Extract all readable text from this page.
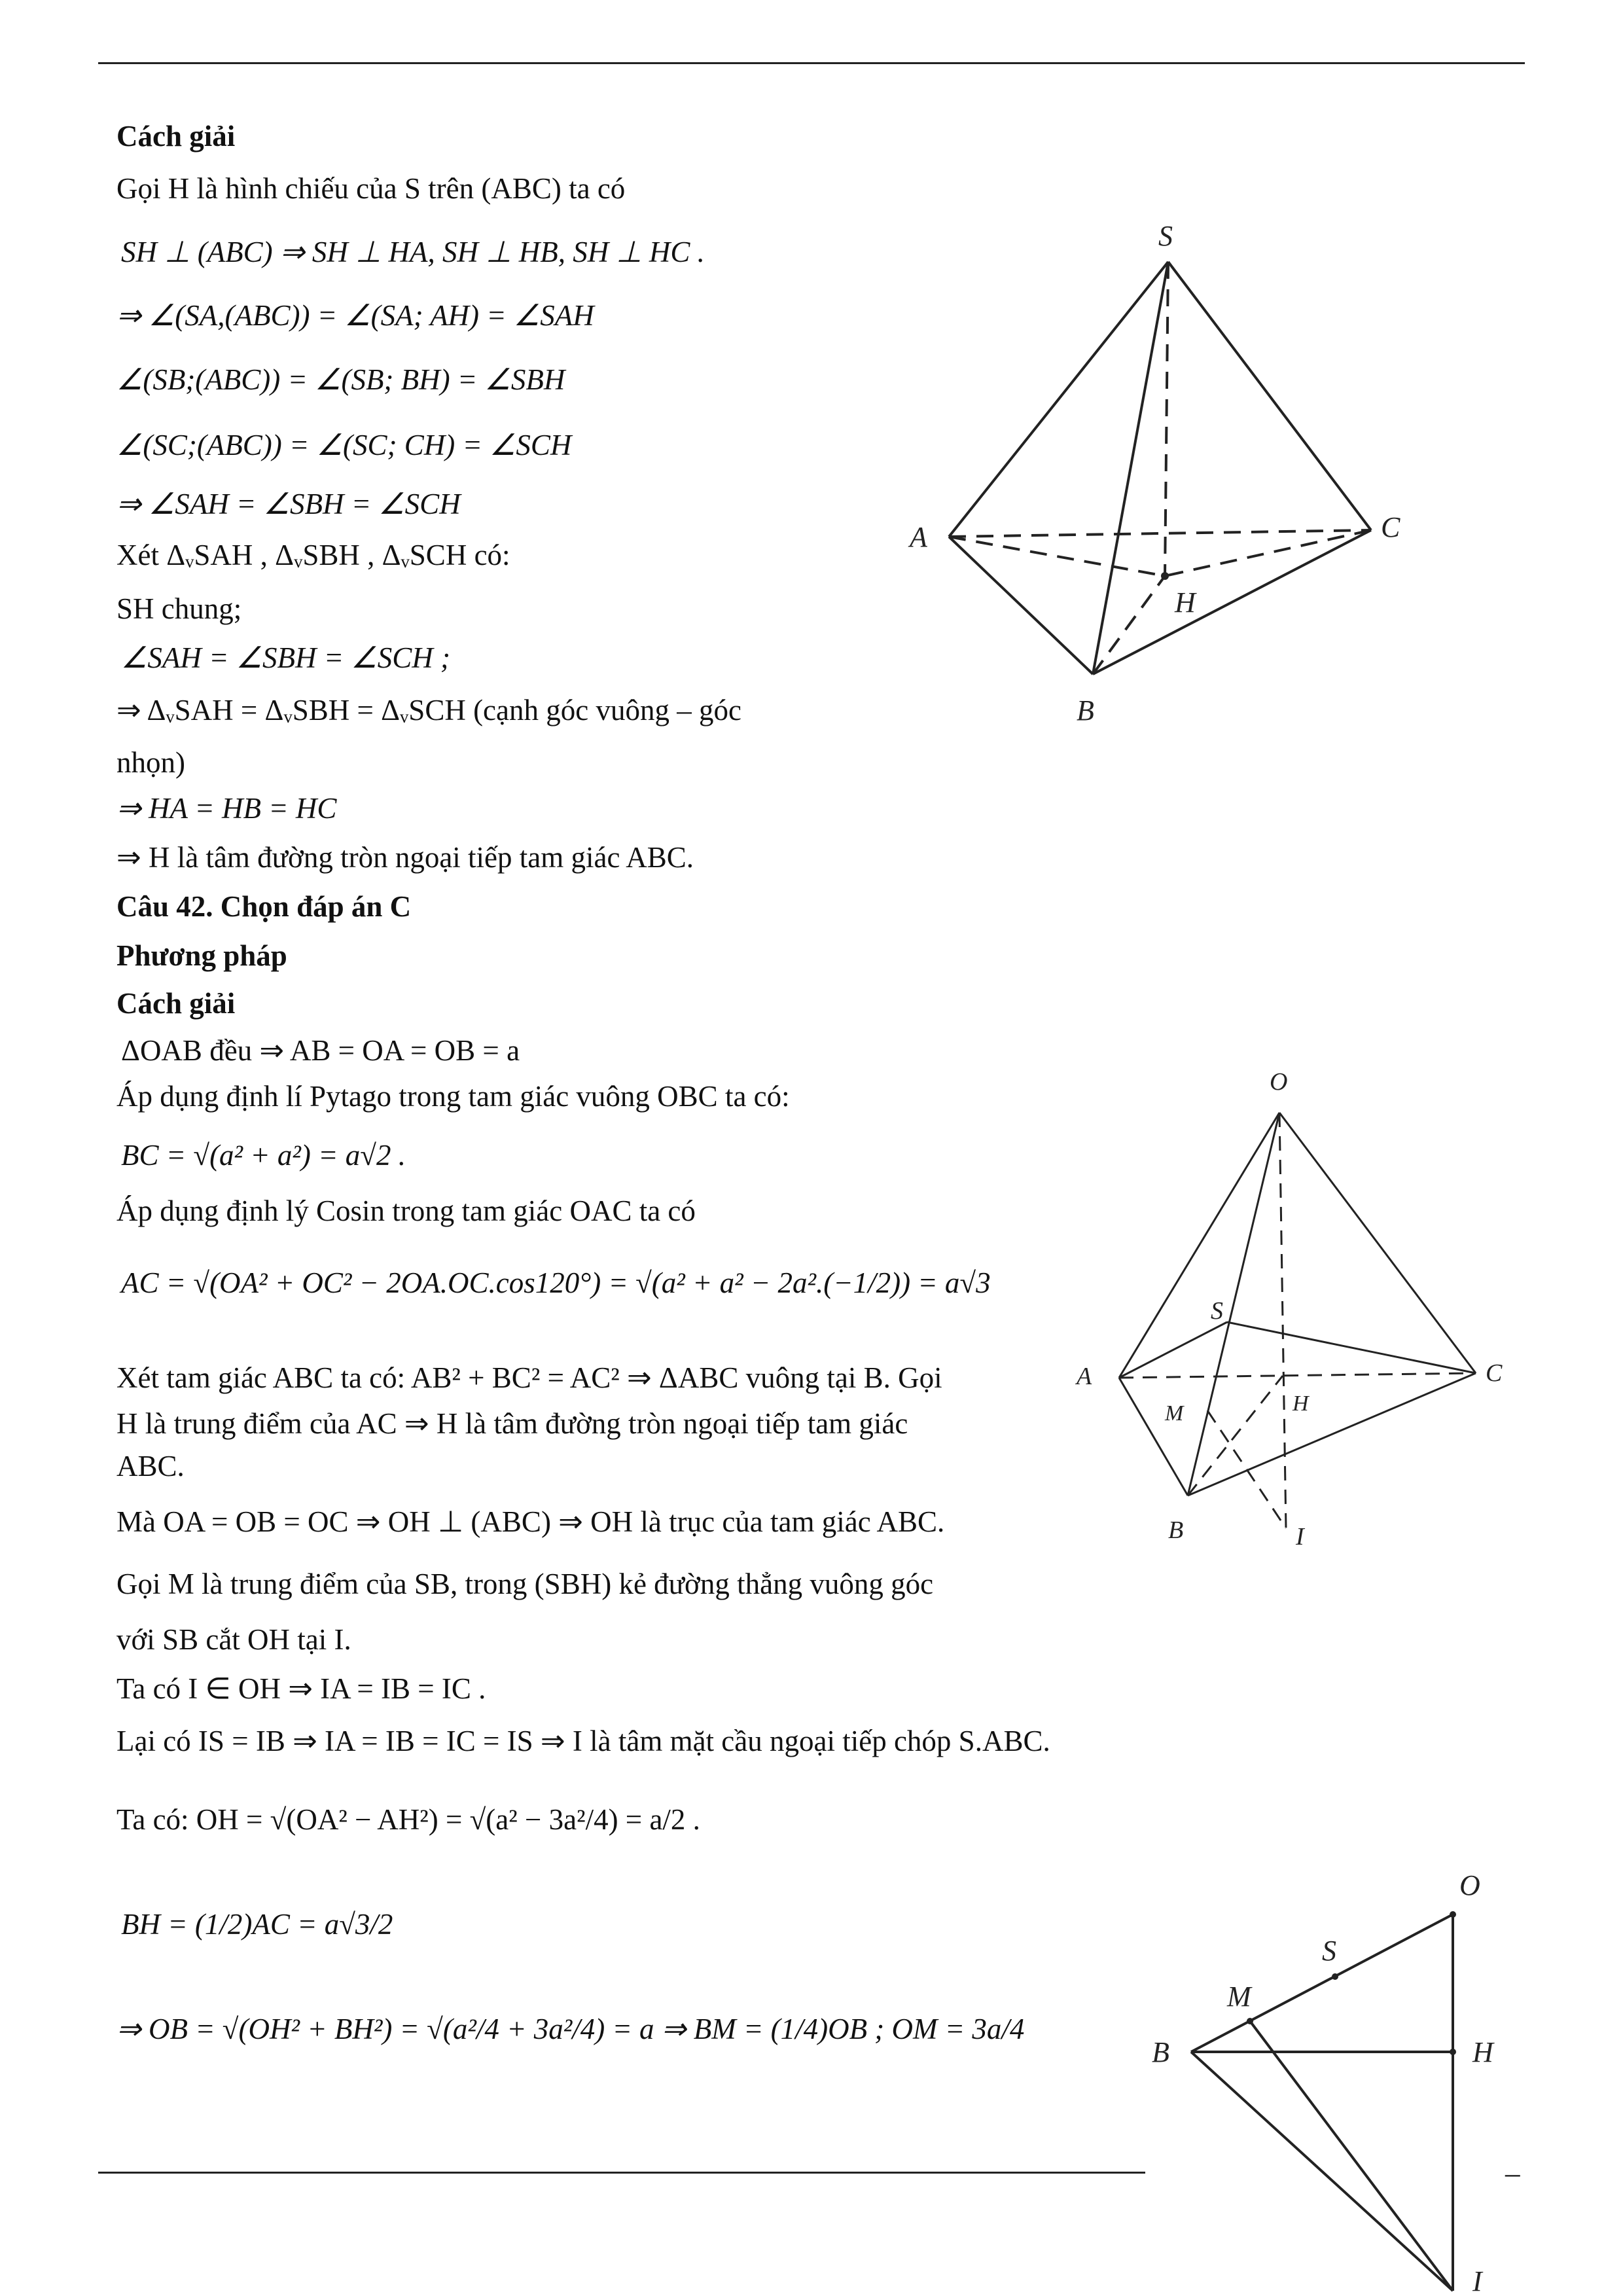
Cách giải
Gọi H là hình chiếu của S trên (ABC) ta có
SH ⊥ (ABC) ⇒ SH ⊥ HA, SH ⊥ HB, SH ⊥ HC .
⇒ ∠(SA,(ABC)) = ∠(SA; AH) = ∠SAH
∠(SB;(ABC)) = ∠(SB; BH) = ∠SBH
∠(SC;(ABC)) = ∠(SC; CH) = ∠SCH
⇒ ∠SAH = ∠SBH = ∠SCH
Xét ΔᵥSAH , ΔᵥSBH , ΔᵥSCH có:
SH chung;
∠SAH = ∠SBH = ∠SCH ;
⇒ ΔᵥSAH = ΔᵥSBH = ΔᵥSCH (cạnh góc vuông – góc
nhọn)
⇒ HA = HB = HC
⇒ H là tâm đường tròn ngoại tiếp tam giác ABC.
Câu 42. Chọn đáp án C
Phương pháp
Cách giải
ΔOAB đều ⇒ AB = OA = OB = a
Áp dụng định lí Pytago trong tam giác vuông OBC ta có:
BC = √(a² + a²) = a√2 .
Áp dụng định lý Cosin trong tam giác OAC ta có
AC = √(OA² + OC² − 2OA.OC.cos120°) = √(a² + a² − 2a².(−1/2)) = a√3
Xét tam giác ABC ta có: AB² + BC² = AC² ⇒ ΔABC vuông tại B. Gọi
H là trung điểm của AC ⇒ H là tâm đường tròn ngoại tiếp tam giác
ABC.
Mà OA = OB = OC ⇒ OH ⊥ (ABC) ⇒ OH là trục của tam giác ABC.
Gọi M là trung điểm của SB, trong (SBH) kẻ đường thẳng vuông góc
với SB cắt OH tại I.
Ta có I ∈ OH ⇒ IA = IB = IC .
Lại có IS = IB ⇒ IA = IB = IC = IS ⇒ I là tâm mặt cầu ngoại tiếp chóp S.ABC.
Ta có: OH = √(OA² − AH²) = √(a² − 3a²/4) = a/2 .
BH = (1/2)AC = a√3/2
⇒ OB = √(OH² + BH²) = √(a²/4 + 3a²/4) = a ⇒ BM = (1/4)OB ; OM = 3a/4
–
S
A
B
C
H
O
S
A	C
M	H
B	I
O
S
M
B	H
I
